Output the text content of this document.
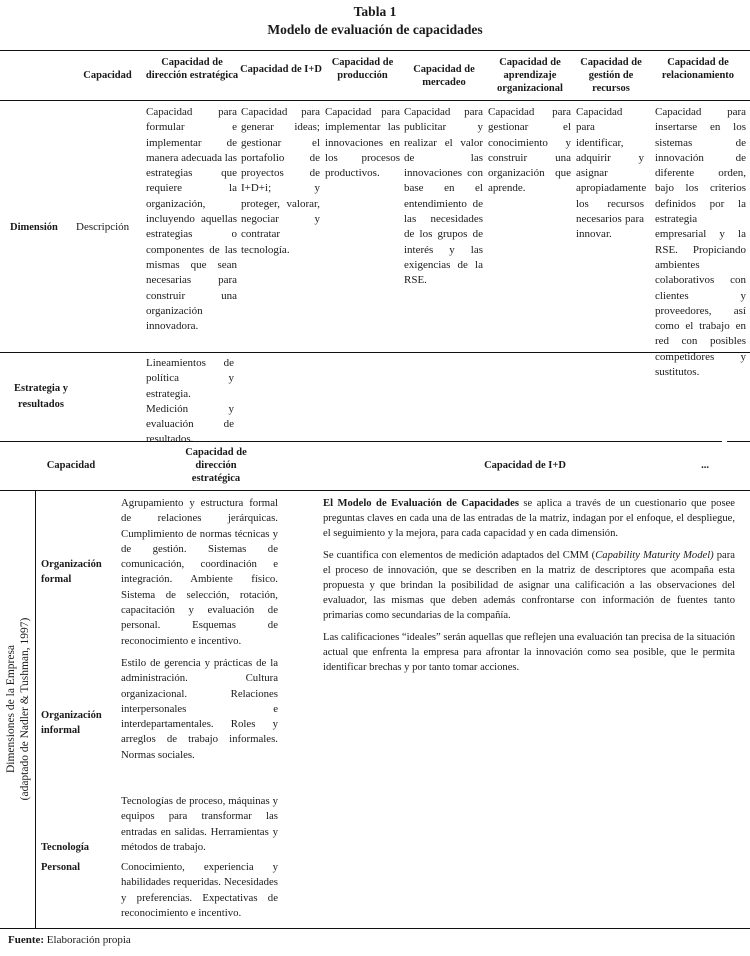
Tabla 1
Modelo de evaluación de capacidades
Capacidad
Capacidad de dirección estratégica
Capacidad de I+D
Capacidad de producción
Capacidad de mercadeo
Capacidad de aprendizaje organizacional
Capacidad de gestión de recursos
Capacidad de relacionamiento
Dimensión Descripción
Capacidad para formular e implementar de manera adecuada las estrategias que requiere la organización, incluyendo aquellas estrategias o componentes de las mismas que sean necesarias para construir una organización innovadora.
Capacidad para generar ideas; gestionar el portafolio de proyectos de I+D+i; y proteger, valorar, negociar y contratar tecnología.
Capacidad para implementar las innovaciones en los procesos productivos.
Capacidad para publicitar y realizar el valor de las innovaciones con base en el entendimiento de las necesidades de los grupos de interés y las exigencias de la RSE.
Capacidad para gestionar el conocimiento y construir una organización que aprende.
Capacidad para identificar, adquirir y asignar apropiadamente los recursos necesarios para innovar.
Capacidad para insertarse en los sistemas de innovación de diferente orden, bajo los criterios definidos por la estrategia empresarial y la RSE. Propiciando ambientes colaborativos con clientes y proveedores, así como el trabajo en red con posibles competidores y sustitutos.
Estrategia y resultados
Lineamientos de política y estrategia. Medición y evaluación de resultados.
Capacidad
Capacidad de dirección estratégica
Capacidad de I+D	...
Dimensiones de la Empresa (adaptado de Nadler & Tushman, 1997)
Organización formal
Agrupamiento y estructura formal de relaciones jerárquicas. Cumplimiento de normas técnicas y de gestión. Sistemas de comunicación, coordinación e integración. Ambiente físico. Sistema de selección, rotación, capacitación y evaluación de personal. Esquemas de reconocimiento e incentivo.
Organización informal
Estilo de gerencia y prácticas de la administración. Cultura organizacional. Relaciones interpersonales e interdepartamentales. Roles y arreglos de trabajo informales. Normas sociales.
Tecnología
Tecnologías de proceso, máquinas y equipos para transformar las entradas en salidas. Herramientas y métodos de trabajo.
Personal	Conocimiento, experiencia y habilidades requeridas. Necesidades y preferencias. Expectativas de reconocimiento e incentivo.

El Modelo de Evaluación de Capacidades se aplica a través de un cuestionario que posee preguntas claves en cada una de las entradas de la matriz, indagan por el enfoque, el despliegue, el seguimiento y la mejora, para cada capacidad y en cada dimensión.

Se cuantifica con elementos de medición adaptados del CMM (Capability Maturity Model) para el proceso de innovación, que se describen en la matriz de descriptores que acompaña esta propuesta y que brindan la posibilidad de asignar una calificación a las observaciones del evaluador, las mismas que deben además confrontarse con información de fuentes tanto primarias como secundarias de la compañía.

Las calificaciones “ideales” serán aquellas que reflejen una evaluación tan precisa de la situación actual que enfrenta la empresa para afrontar la innovación como sea posible, que le permita identificar brechas y por tanto tomar acciones.

Fuente: Elaboración propia
